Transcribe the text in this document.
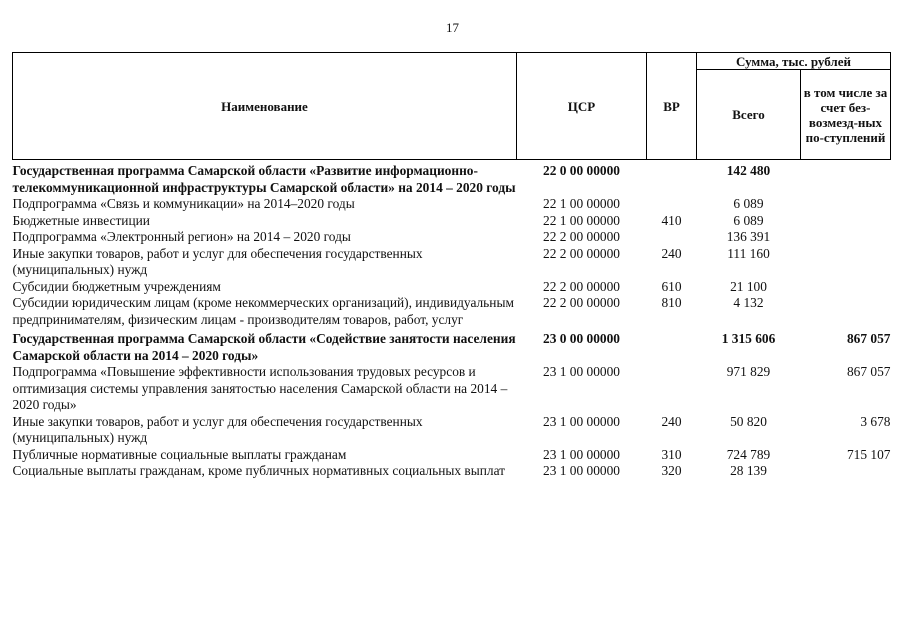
17
Наименование	ЦСР	ВР	Сумма, тыс. рублей	
			Всего	в том числе за счет без-возмезд-ных по-ступлений
Государственная программа Самарской области «Развитие информационно-телекоммуникационной инфраструктуры Самарской области» на 2014 – 2020 годы	22 0 00 00000		142 480	
Подпрограмма «Связь и коммуникации» на 2014–2020 годы	22 1 00 00000		6 089	
Бюджетные инвестиции	22 1 00 00000	410	6 089	
Подпрограмма «Электронный регион» на 2014 – 2020 годы	22 2 00 00000		136 391	
Иные закупки товаров, работ и услуг для обеспечения государственных (муниципальных) нужд	22 2 00 00000	240	111 160	
Субсидии бюджетным учреждениям	22 2 00 00000	610	21 100	
Субсидии юридическим лицам (кроме некоммерческих организаций), индивидуальным предпринимателям, физическим лицам - производителям товаров, работ, услуг	22 2 00 00000	810	4 132	
Государственная программа Самарской области «Содействие занятости населения Самарской области на 2014 – 2020 годы»	23 0 00 00000		1 315 606	867 057
Подпрограмма «Повышение эффективности использования трудовых ресурсов и оптимизация системы управления занятостью населения Самарской области на 2014 – 2020 годы»	23 1 00 00000		971 829	867 057
Иные закупки товаров, работ и услуг для обеспечения государственных (муниципальных) нужд	23 1 00 00000	240	50 820	3 678
Публичные нормативные социальные выплаты гражданам	23 1 00 00000	310	724 789	715 107
Социальные выплаты гражданам, кроме публичных нормативных социальных выплат	23 1 00 00000	320	28 139	
